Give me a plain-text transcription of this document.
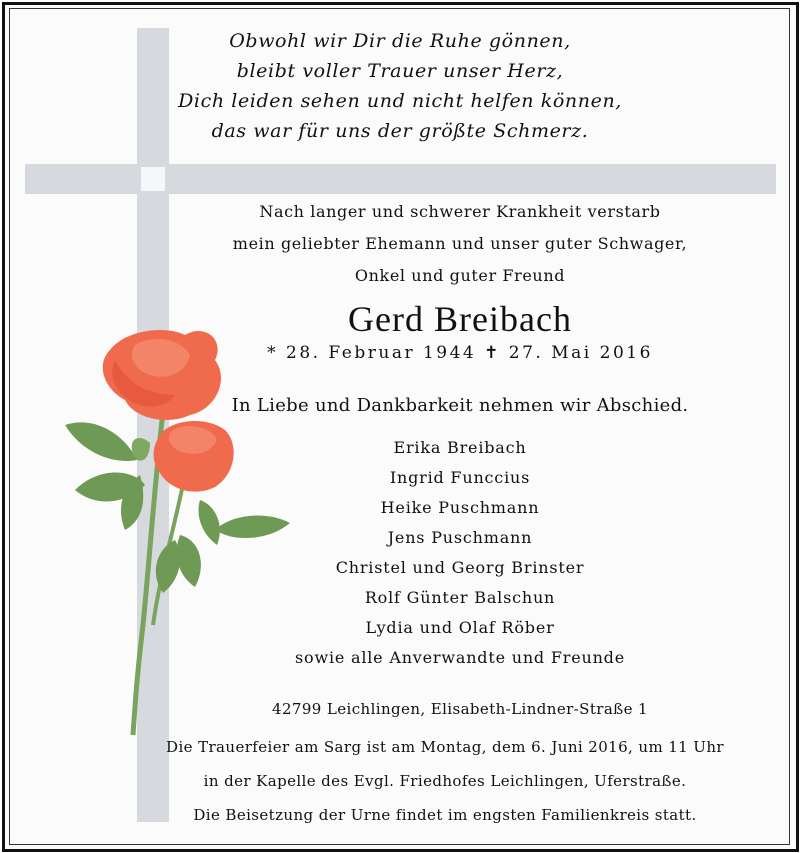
Obwohl wir Dir die Ruhe gönnen,
bleibt voller Trauer unser Herz,
Dich leiden sehen und nicht helfen können,
das war für uns der größte Schmerz.
Nach langer und schwerer Krankheit verstarb
mein geliebter Ehemann und unser guter Schwager,
Onkel und guter Freund
Gerd Breibach
* 28. Februar 1944 ✝ 27. Mai 2016
In Liebe und Dankbarkeit nehmen wir Abschied.
Erika Breibach
Ingrid Funccius
Heike Puschmann
Jens Puschmann
Christel und Georg Brinster
Rolf Günter Balschun
Lydia und Olaf Röber
sowie alle Anverwandte und Freunde
42799 Leichlingen, Elisabeth-Lindner-Straße 1
Die Trauerfeier am Sarg ist am Montag, dem 6. Juni 2016, um 11 Uhr
in der Kapelle des Evgl. Friedhofes Leichlingen, Uferstraße.
Die Beisetzung der Urne findet im engsten Familienkreis statt.
